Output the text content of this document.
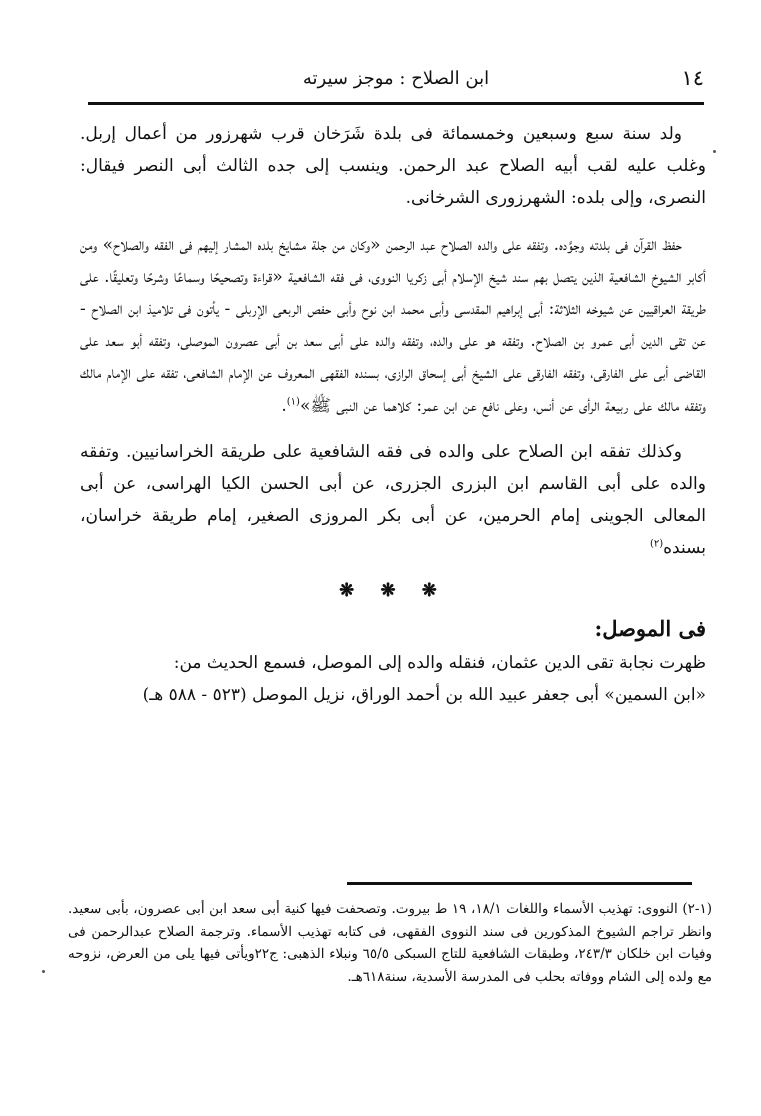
١٤
ابن الصلاح : موجز سيرته

ولد سنة سبع وسبعين وخمسمائة فى بلدة شَرَخان قرب شهرزور من أعمال إربل. وغلب عليه لقب أبيه الصلاح عبد الرحمن. وينسب إلى جده الثالث أبى النصر فيقال: النصرى، وإلى بلده: الشهرزورى الشرخانى.

حفظ القرآن فى بلدته وجوَّده. وتفقه على والده الصلاح عبد الرحمن «وكان من جلة مشايخ بلده المشار إليهم فى الفقه والصلاح» ومن أكابر الشيوخ الشافعية الذين يتصل بهم سند شيخ الإسلام أبى زكريا النووى، فى فقه الشافعية «قراءة وتصحيحًا وسماعًا وشرحًا وتعليقًا. على طريقة العراقيين عن شيوخه الثلاثة: أبى إبراهيم المقدسى وأبى محمد ابن نوح وأبى حفص الربعى الإربلى - يأتون فى تلاميذ ابن الصلاح - عن تقى الدين أبى عمرو بن الصلاح. وتفقه هو على والده، وتفقه والده على أبى سعد بن أبى عصرون الموصلى، وتفقه أبو سعد على القاضى أبى على الفارقى، وتفقه الفارقى على الشيخ أبى إسحاق الرازى، بسنده الفقهى المعروف عن الإمام الشافعى، تفقه على الإمام مالك وتفقه مالك على ربيعة الرأى عن أنس، وعلى نافع عن ابن عمر: كلاهما عن النبى ﷺ»$^{(١)}$.

وكذلك تفقه ابن الصلاح على والده فى فقه الشافعية على طريقة الخراسانيين. وتفقه والده على أبى القاسم ابن البزرى الجزرى، عن أبى الحسن الكيا الهراسى، عن أبى المعالى الجوينى إمام الحرمين، عن أبى بكر المروزى الصغير، إمام طريقة خراسان، بسنده$^{(٢)}$

❋ ❋ ❋

فى الموصل:

ظهرت نجابة تقى الدين عثمان، فنقله والده إلى الموصل، فسمع الحديث من:

«ابن السمين» أبى جعفر عبيد الله بن أحمد الوراق، نزيل الموصل (٥٢٣ - ٥٨٨ هـ)

(١-٢) النووى: تهذيب الأسماء واللغات ١٨/١، ١٩ ط بيروت. وتصحفت فيها كنية أبى سعد ابن أبى عصرون، بأبى سعيد. وانظر تراجم الشيوخ المذكورين فى سند النووى الفقهى، فى كتابه تهذيب الأسماء. وترجمة الصلاح عبدالرحمن فى وفيات ابن خلكان ٢٤٣/٣، وطبقات الشافعية للتاج السبكى ٦٥/٥ ونبلاء الذهبى: ج٢٢ويأتى فيها يلى من العرض، نزوحه مع ولده إلى الشام ووفاته بحلب فى المدرسة الأسدية، سنة٦١٨هـ.
